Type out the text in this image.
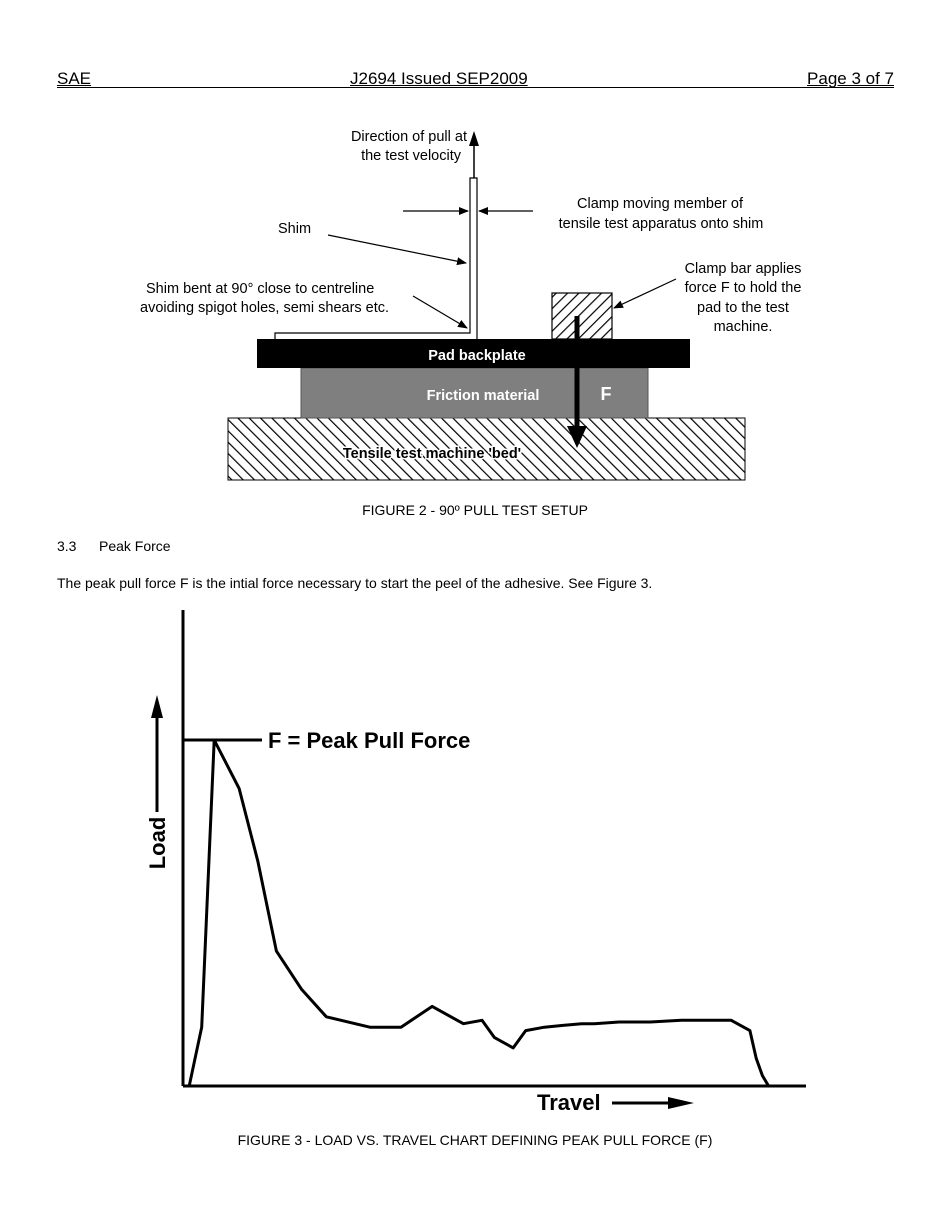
SAE	J2694 Issued SEP2009	Page 3 of 7
Direction of pull at
the test velocity
Clamp moving member of
tensile test apparatus onto shim
Shim
Shim bent at 90° close to centreline
avoiding spigot holes, semi shears etc.
Clamp bar applies
force F to hold the
pad to the test
machine.
Pad backplate
Friction material	F
Tensile test machine 'bed'
FIGURE 2 - 90º PULL TEST SETUP
3.3 Peak Force
The peak pull force F is the intial force necessary to start the peel of the adhesive. See Figure 3.
Load
Travel
F = Peak Pull Force
FIGURE 3 - LOAD VS. TRAVEL CHART DEFINING PEAK PULL FORCE (F)
